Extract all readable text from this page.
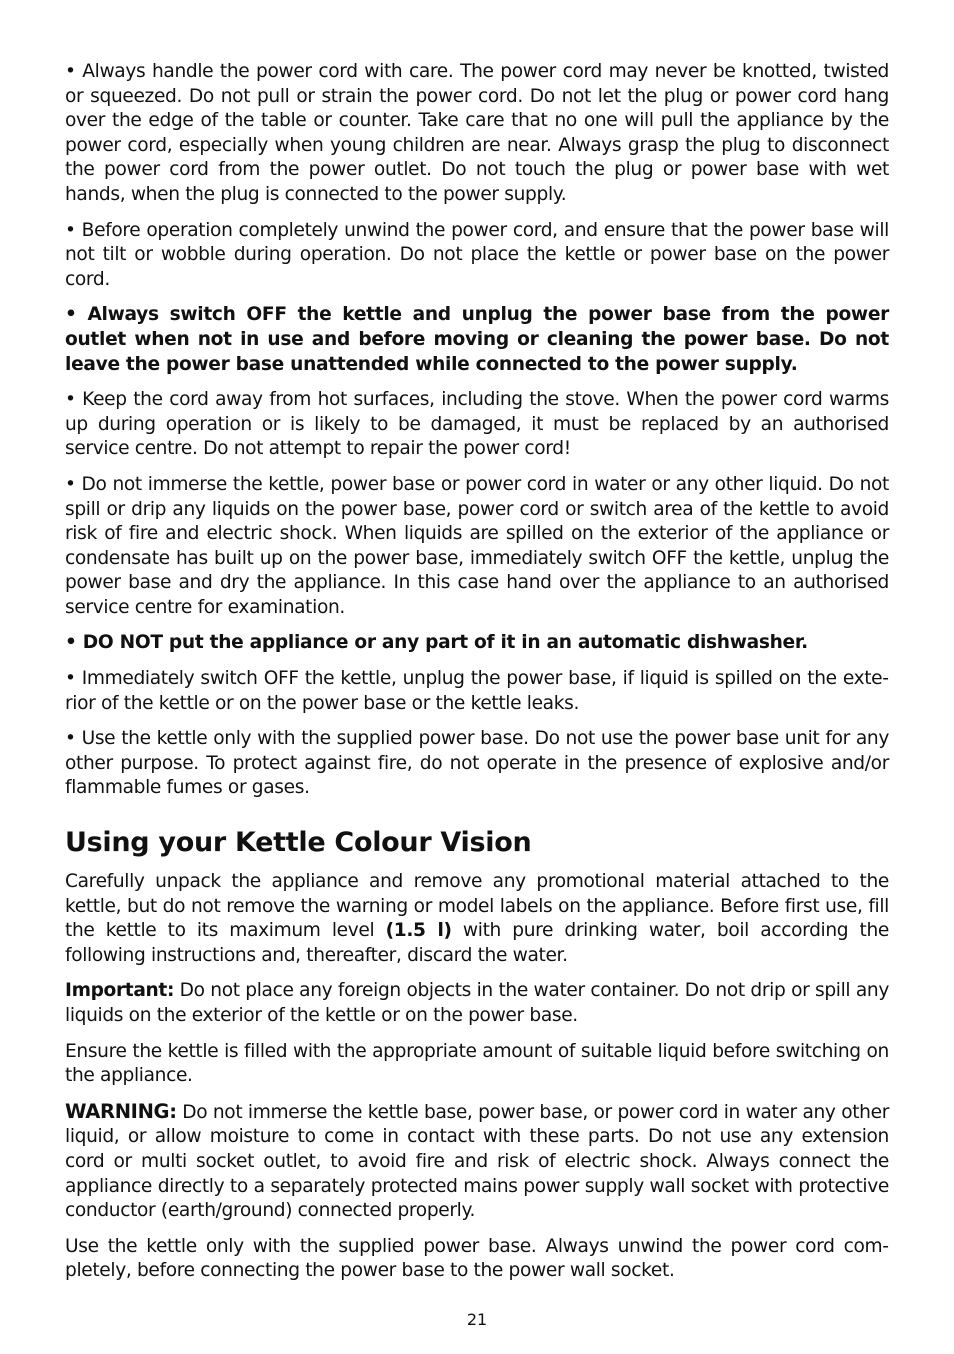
• Always handle the power cord with care. The power cord may never be knotted, twisted or squeezed. Do not pull or strain the power cord. Do not let the plug or power cord hang over the edge of the table or counter. Take care that no one will pull the appliance by the power cord, especially when young children are near. Always grasp the plug to disconnect the power cord from the power outlet. Do not touch the plug or power base with wet hands, when the plug is connected to the power supply.

• Before operation completely unwind the power cord, and ensure that the power base will not tilt or wobble during operation. Do not place the kettle or power base on the power cord.

• Always switch OFF the kettle and unplug the power base from the power outlet when not in use and before moving or cleaning the power base. Do not leave the power base unattended while connected to the power supply.

• Keep the cord away from hot surfaces, including the stove. When the power cord warms up during operation or is likely to be damaged, it must be replaced by an authorised service centre. Do not attempt to repair the power cord!

• Do not immerse the kettle, power base or power cord in water or any other liquid. Do not spill or drip any liquids on the power base, power cord or switch area of the kettle to avoid risk of fire and electric shock. When liquids are spilled on the exterior of the appliance or condensate has built up on the power base, immediately switch OFF the kettle, unplug the power base and dry the appliance. In this case hand over the appliance to an authorised service centre for examination.

• DO NOT put the appliance or any part of it in an automatic dishwasher.

• Immediately switch OFF the kettle, unplug the power base, if liquid is spilled on the exterior of the kettle or on the power base or the kettle leaks.

• Use the kettle only with the supplied power base. Do not use the power base unit for any other purpose. To protect against fire, do not operate in the presence of explosive and/or flammable fumes or gases.

Using your Kettle Colour Vision

Carefully unpack the appliance and remove any promotional material attached to the kettle, but do not remove the warning or model labels on the appliance. Before first use, fill the kettle to its maximum level (1.5 l) with pure drinking water, boil according the following instructions and, thereafter, discard the water.

Important: Do not place any foreign objects in the water container. Do not drip or spill any liquids on the exterior of the kettle or on the power base.

Ensure the kettle is filled with the appropriate amount of suitable liquid before switching on the appliance.

WARNING: Do not immerse the kettle base, power base, or power cord in water any other liquid, or allow moisture to come in contact with these parts. Do not use any extension cord or multi socket outlet, to avoid fire and risk of electric shock. Always connect the appliance directly to a separately protected mains power supply wall socket with protective conductor (earth/ground) connected properly.

Use the kettle only with the supplied power base. Always unwind the power cord completely, before connecting the power base to the power wall socket.

21
